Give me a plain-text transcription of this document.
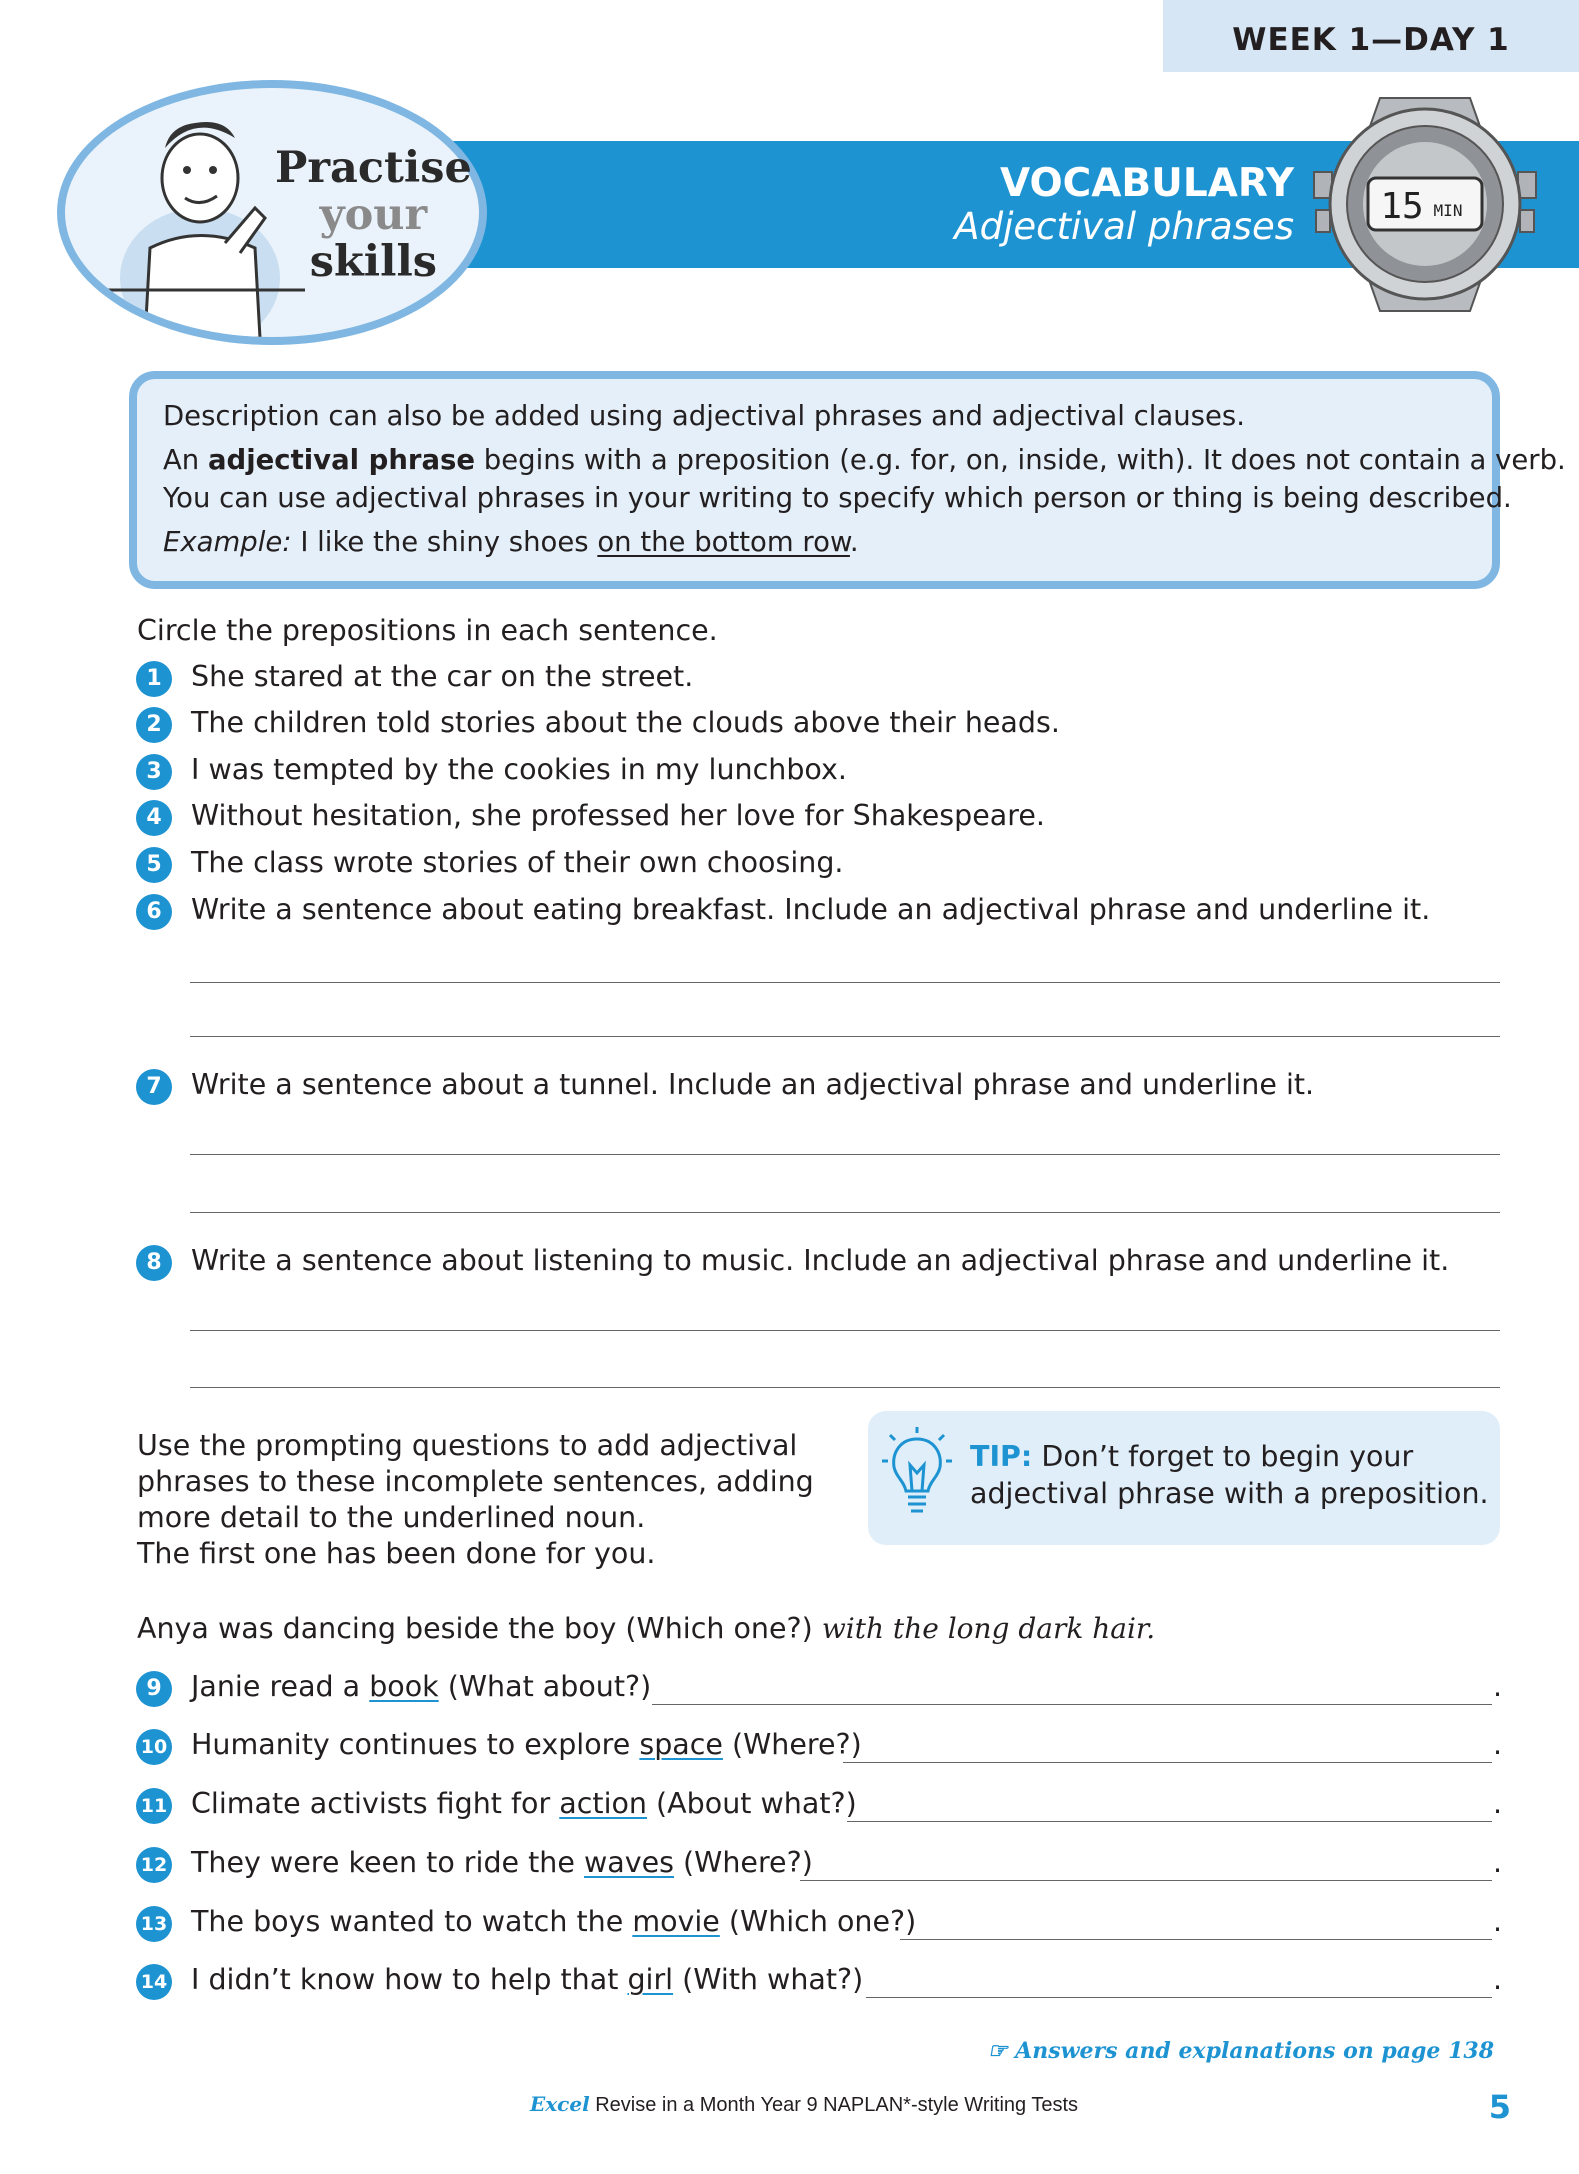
WEEK 1—DAY 1
VOCABULARY
Adjectival phrases 15 MIN
Practise
your
skills
Description can also be added using adjectival phrases and adjectival clauses.
An adjectival phrase begins with a preposition (e.g. for, on, inside, with). It does not contain a verb.
You can use adjectival phrases in your writing to specify which person or thing is being described.
Example: I like the shiny shoes on the bottom row.
Circle the prepositions in each sentence.
1	She stared at the car on the street.
2	The children told stories about the clouds above their heads.
3	I was tempted by the cookies in my lunchbox.
4	Without hesitation, she professed her love for Shakespeare.
5	The class wrote stories of their own choosing.
6	Write a sentence about eating breakfast. Include an adjectival phrase and underline it.
7	Write a sentence about a tunnel. Include an adjectival phrase and underline it.
8	Write a sentence about listening to music. Include an adjectival phrase and underline it.
Use the prompting questions to add adjectival
phrases to these incomplete sentences, adding
more detail to the underlined noun.
The first one has been done for you.
TIP: Don’t forget to begin your
adjectival phrase with a preposition.
Anya was dancing beside the boy (Which one?) with the long dark hair.
9	Janie read a book (What about?)	.
10 Humanity continues to explore space (Where?)	.
11 Climate activists fight for action (About what?)	.
12 They were keen to ride the waves (Where?)	.
13 The boys wanted to watch the movie (Which one?)	.
14 I didn’t know how to help that girl (With what?)	.
☞ Answers and explanations on page 138
Excel Revise in a Month Year 9 NAPLAN*-style Writing Tests	5
